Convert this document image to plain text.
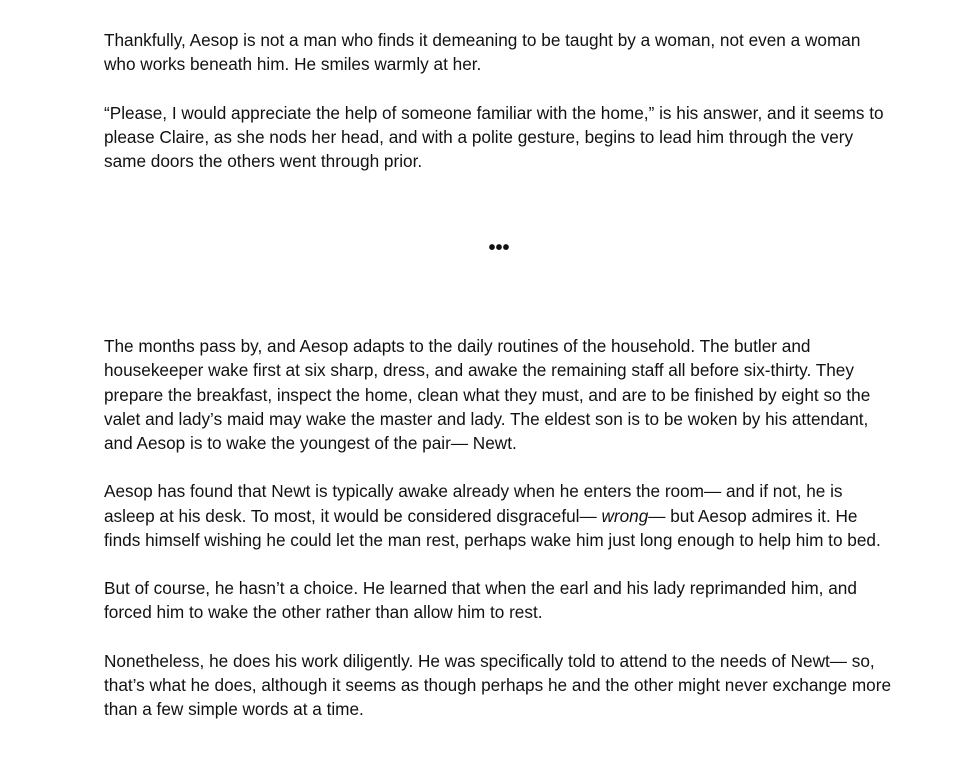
Thankfully, Aesop is not a man who finds it demeaning to be taught by a woman, not even a woman who works beneath him. He smiles warmly at her.

“Please, I would appreciate the help of someone familiar with the home,” is his answer, and it seems to please Claire, as she nods her head, and with a polite gesture, begins to lead him through the very same doors the others went through prior.

•••

The months pass by, and Aesop adapts to the daily routines of the household. The butler and housekeeper wake first at six sharp, dress, and awake the remaining staff all before six-thirty. They prepare the breakfast, inspect the home, clean what they must, and are to be finished by eight so the valet and lady’s maid may wake the master and lady. The eldest son is to be woken by his attendant, and Aesop is to wake the youngest of the pair— Newt.

Aesop has found that Newt is typically awake already when he enters the room— and if not, he is asleep at his desk. To most, it would be considered disgraceful— wrong— but Aesop admires it. He finds himself wishing he could let the man rest, perhaps wake him just long enough to help him to bed.

But of course, he hasn’t a choice. He learned that when the earl and his lady reprimanded him, and forced him to wake the other rather than allow him to rest.

Nonetheless, he does his work diligently. He was specifically told to attend to the needs of Newt— so, that’s what he does, although it seems as though perhaps he and the other might never exchange more than a few simple words at a time.
